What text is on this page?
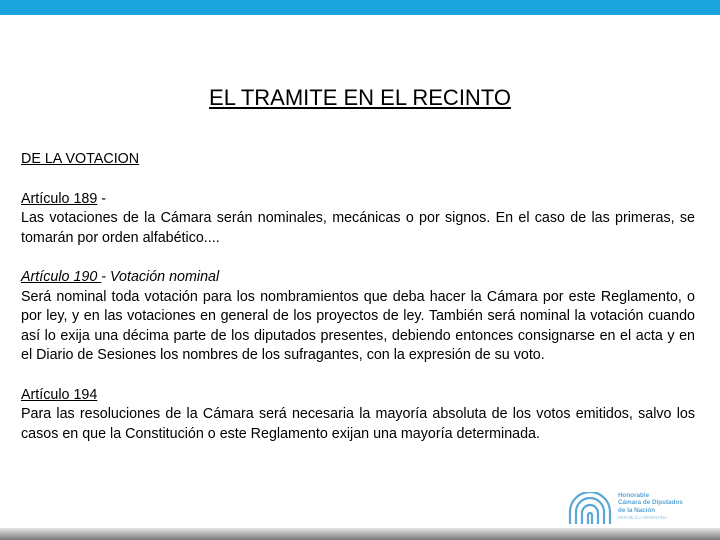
EL TRAMITE EN EL RECINTO

DE LA VOTACION

Artículo 189 -

Las votaciones de la Cámara serán nominales, mecánicas o por signos. En el caso de las primeras, se tomarán por orden alfabético....

Artículo 190 - Votación nominal

Será nominal toda votación para los nombramientos que deba hacer la Cámara por este Reglamento, o por ley, y en las votaciones en general de los proyectos de ley. También será nominal la votación cuando así lo exija una décima parte de los diputados presentes, debiendo entonces consignarse en el acta y en el Diario de Sesiones los nombres de los sufragantes, con la expresión de su voto.

Artículo 194

Para las resoluciones de la Cámara será necesaria la mayoría absoluta de los votos emitidos, salvo los casos en que la Constitución o este Reglamento exijan una mayoría determinada.

Honorable
Cámara de Diputados
de la Nación
REPÚBLICA ARGENTINA
